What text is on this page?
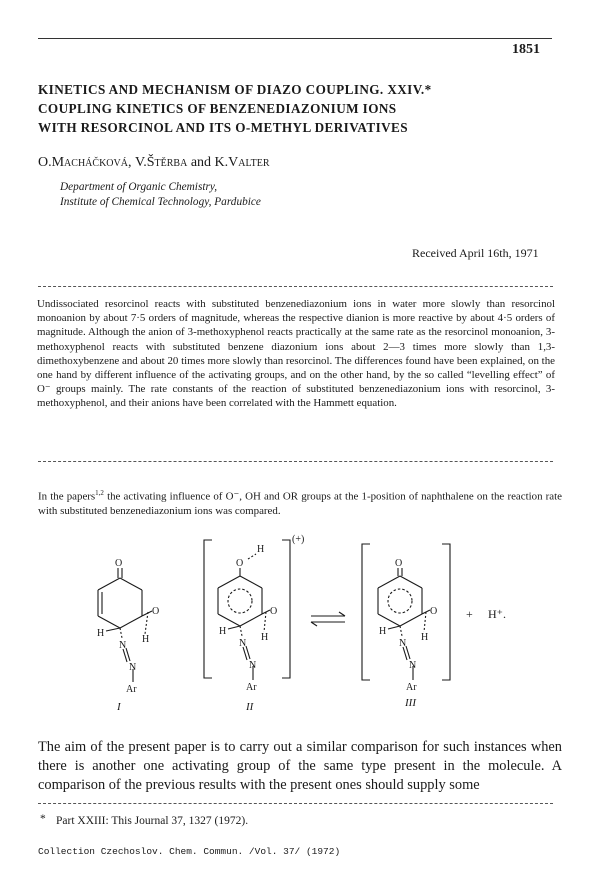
1851
KINETICS AND MECHANISM OF DIAZO COUPLING. XXIV.*
COUPLING KINETICS OF BENZENEDIAZONIUM IONS
WITH RESORCINOL AND ITS O-METHYL DERIVATIVES
O.Macháčková, V.Štěrba and K.Valter
Department of Organic Chemistry,
Institute of Chemical Technology, Pardubice
Received April 16th, 1971
Undissociated resorcinol reacts with substituted benzenediazonium ions in water more slowly than resorcinol monoanion by about 7·5 orders of magnitude, whereas the respective dianion is more reactive by about 4·5 orders of magnitude. Although the anion of 3-methoxyphenol reacts practically at the same rate as the resorcinol monoanion, 3-methoxyphenol reacts with substituted benzene diazonium ions about 2—3 times more slowly than 1,3-dimethoxybenzene and about 20 times more slowly than resorcinol. The differences found have been explained, on the one hand by different influence of the activating groups, and on the other hand, by the so called “levelling effect” of O⁻ groups mainly. The rate constants of the reaction of substituted benzenediazonium ions with resorcinol, 3-methoxyphenol, and their anions have been correlated with the Hammett equation.
In the papers$^{1,2}$ the activating influence of O⁻, OH and OR groups at the 1-position of naphthalene on the reaction rate with substituted benzenediazonium ions was compared.
O
O
H
H
N
N
Ar
O
H
O
H
H
N
N
Ar
(+)
O
O
H
H
N
N
Ar
+ H⁺.
I	II	III
The aim of the present paper is to carry out a similar comparison for such instances when there is another one activating group of the same type present in the molecule. A comparison of the previous results with the present ones should supply some
* Part XXIII: This Journal 37, 1327 (1972).
Collection Czechoslov. Chem. Commun. /Vol. 37/ (1972)
